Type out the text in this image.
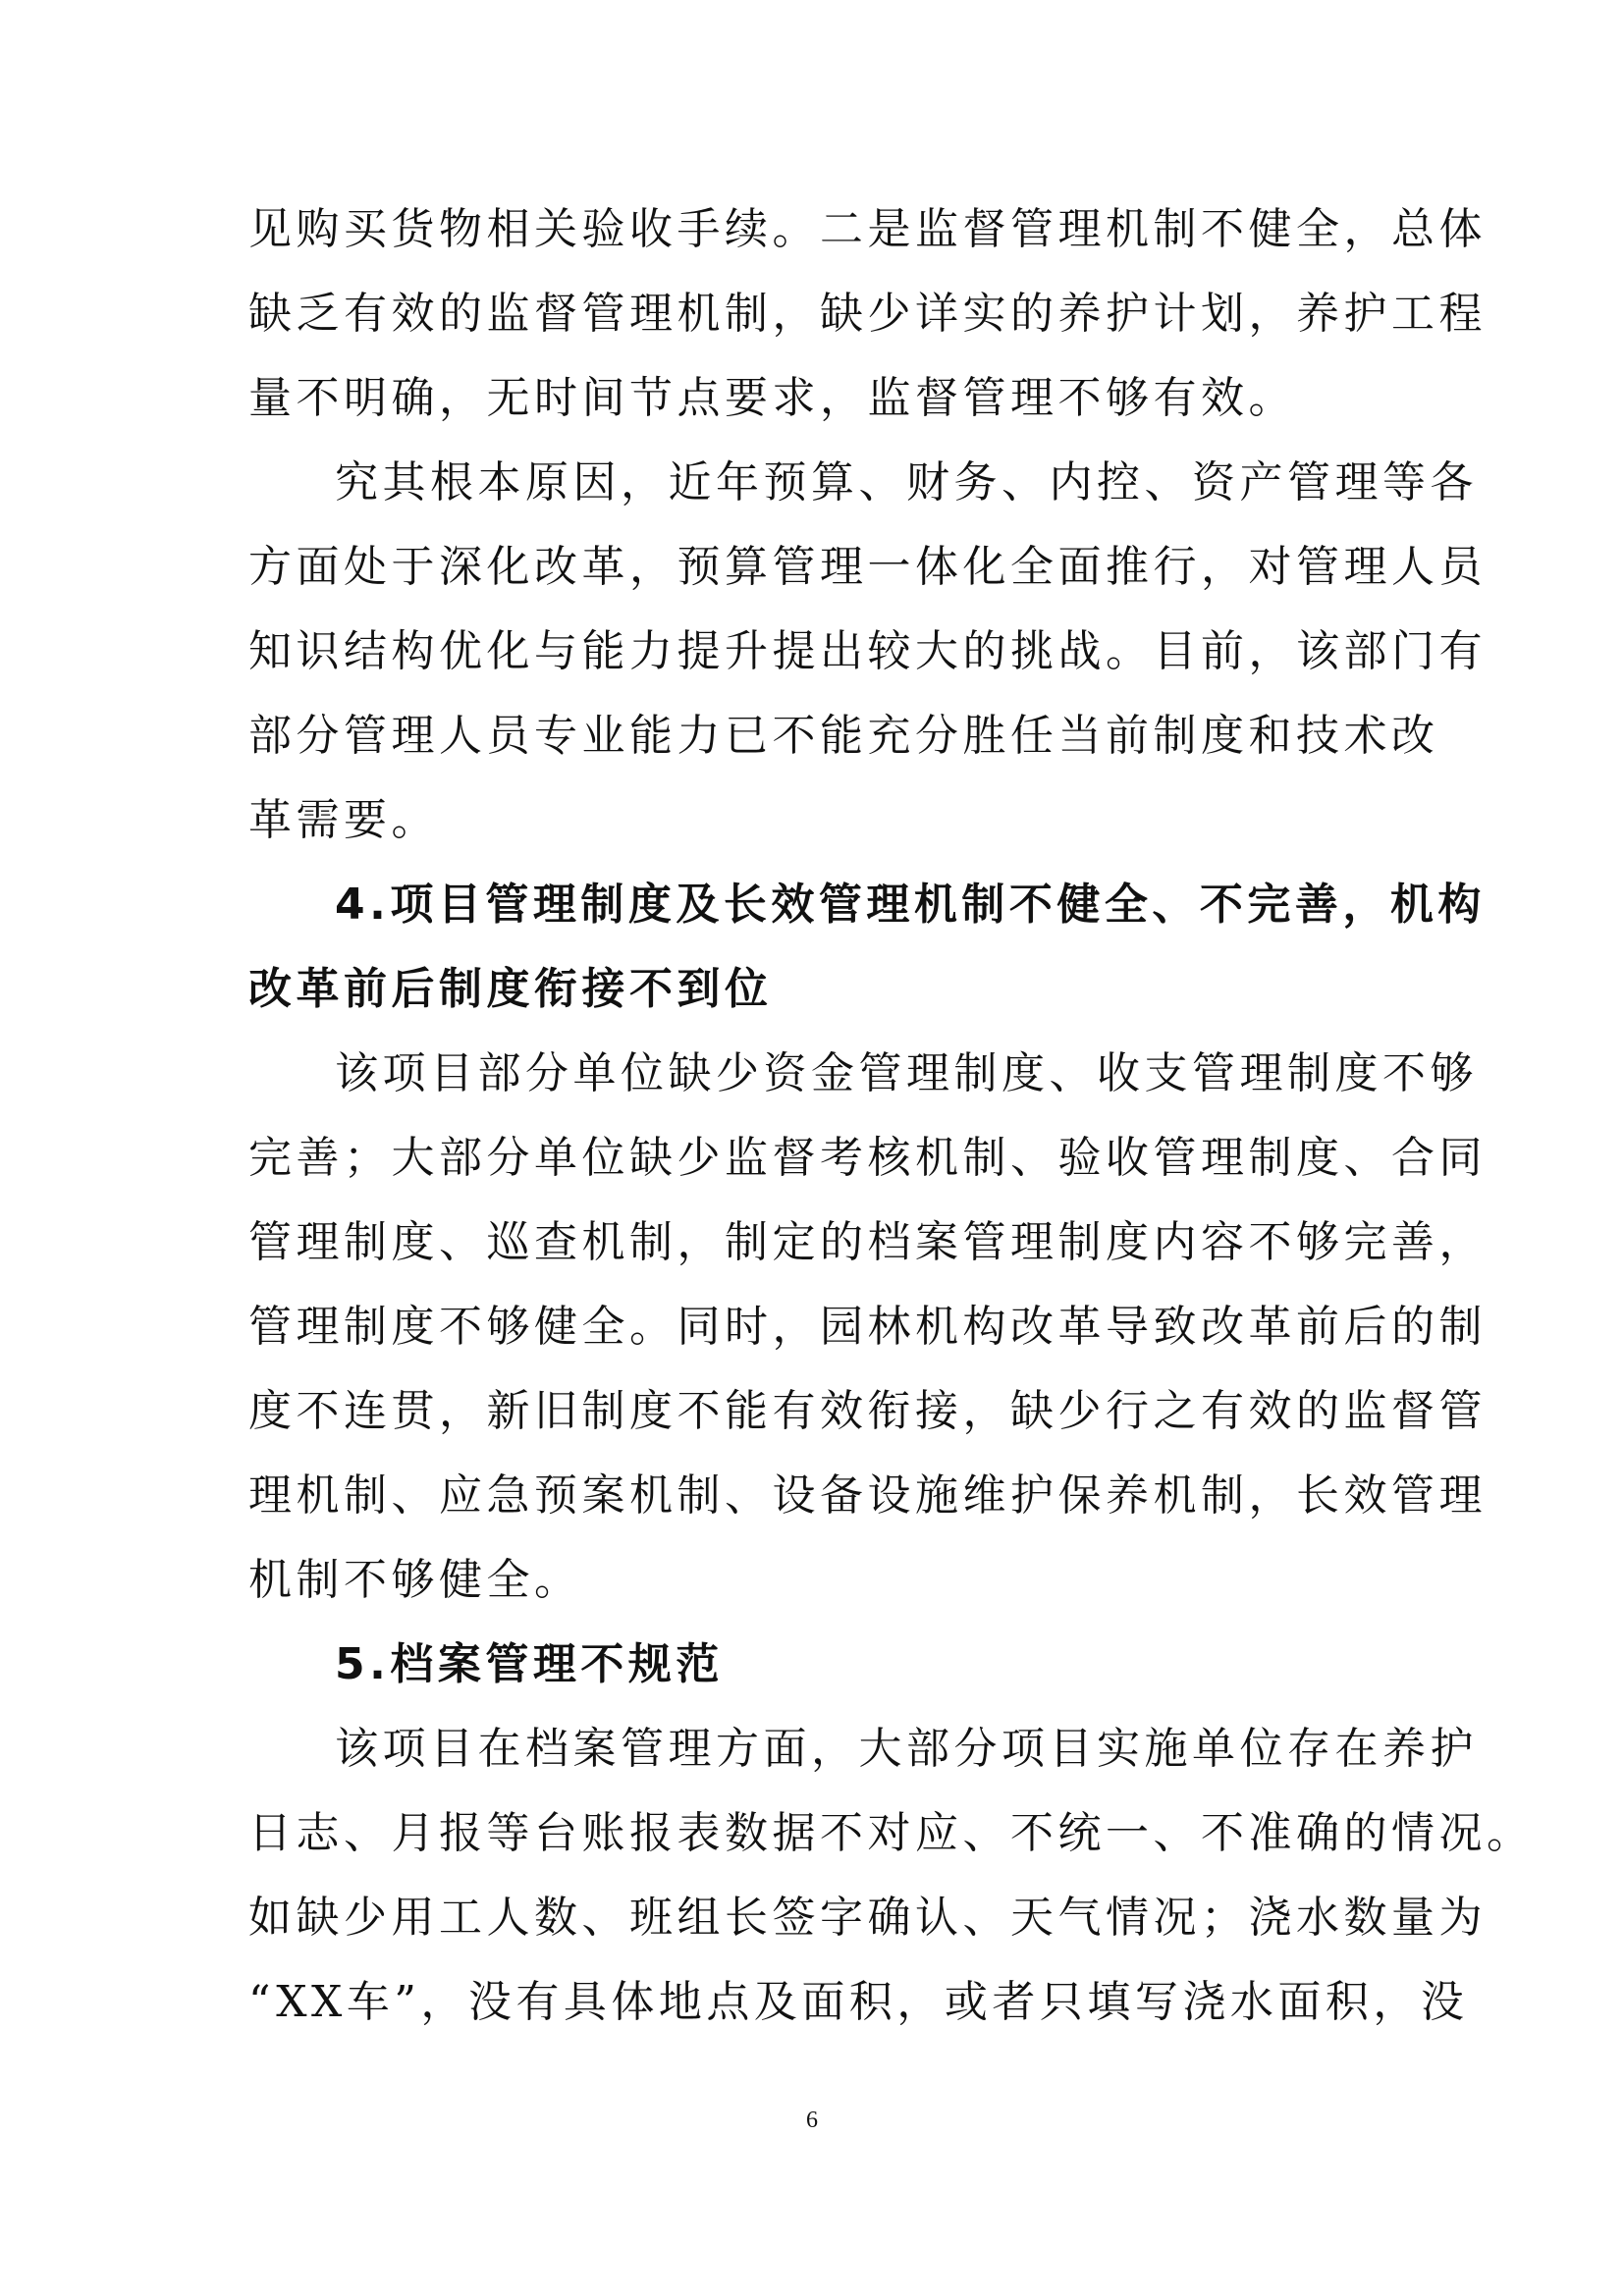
见购买货物相关验收手续。二是监督管理机制不健全，总体
缺乏有效的监督管理机制，缺少详实的养护计划，养护工程
量不明确，无时间节点要求，监督管理不够有效。
究其根本原因，近年预算、财务、内控、资产管理等各
方面处于深化改革，预算管理一体化全面推行，对管理人员
知识结构优化与能力提升提出较大的挑战。目前，该部门有
部分管理人员专业能力已不能充分胜任当前制度和技术改
革需要。
4.项目管理制度及长效管理机制不健全、不完善，机构
改革前后制度衔接不到位
该项目部分单位缺少资金管理制度、收支管理制度不够
完善；大部分单位缺少监督考核机制、验收管理制度、合同
管理制度、巡查机制，制定的档案管理制度内容不够完善，
管理制度不够健全。同时，园林机构改革导致改革前后的制
度不连贯，新旧制度不能有效衔接，缺少行之有效的监督管
理机制、应急预案机制、设备设施维护保养机制，长效管理
机制不够健全。
5.档案管理不规范
该项目在档案管理方面，大部分项目实施单位存在养护
日志、月报等台账报表数据不对应、不统一、不准确的情况。
如缺少用工人数、班组长签字确认、天气情况；浇水数量为
“XX车”，没有具体地点及面积，或者只填写浇水面积，没
6
